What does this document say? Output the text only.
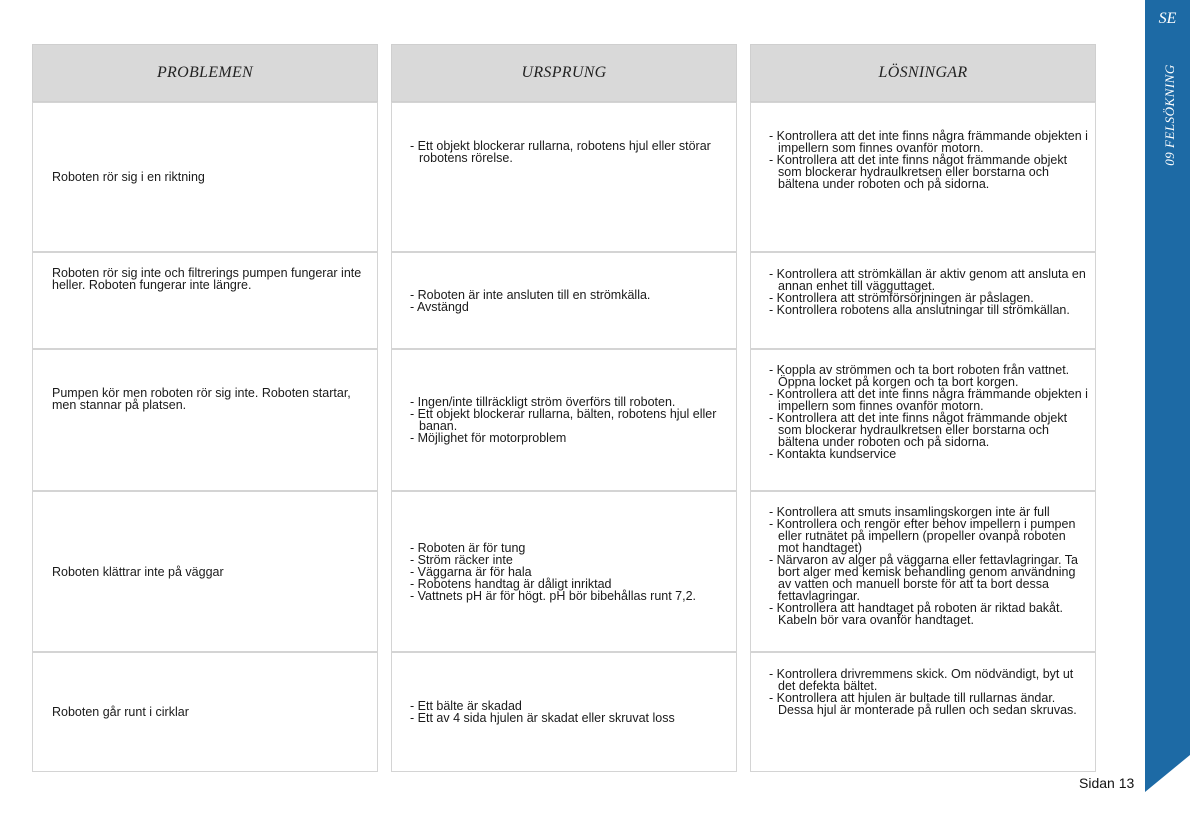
SE
09 FELSÖKNING
PROBLEMEN
Roboten rör sig i en riktning
Roboten rör sig inte och filtrerings pumpen fungerar inte heller. Roboten fungerar inte längre.
Pumpen kör men roboten rör sig inte. Roboten startar, men stannar på platsen.
Roboten klättrar inte på väggar
Roboten går runt i cirklar
URSPRUNG
- Ett objekt blockerar rullarna, robotens hjul eller störar robotens rörelse.
- Roboten är inte ansluten till en strömkälla.
- Avstängd
- Ingen/inte tillräckligt ström överförs till roboten.
- Ett objekt blockerar rullarna, bälten, robotens hjul eller banan.
- Möjlighet för motorproblem
- Roboten är för tung
- Ström räcker inte
- Väggarna är för hala
- Robotens handtag är dåligt inriktad
- Vattnets pH är för högt. pH bör bibehållas runt 7,2.
- Ett bälte är skadad
- Ett av 4 sida hjulen är skadat eller skruvat loss
LÖSNINGAR
- Kontrollera att det inte finns några främmande objekten i impellern som finnes ovanför motorn.
- Kontrollera att det inte finns något främmande objekt som blockerar hydraulkretsen eller borstarna och bältena under roboten och på sidorna.
- Kontrollera att strömkällan är aktiv genom att ansluta en annan enhet till vägguttaget.
- Kontrollera att strömförsörjningen är påslagen.
- Kontrollera robotens alla anslutningar till strömkällan.
- Koppla av strömmen och ta bort roboten från vattnet. Öppna locket på korgen och ta bort korgen.
- Kontrollera att det inte finns några främmande objekten i impellern som finnes ovanför motorn.
- Kontrollera att det inte finns något främmande objekt som blockerar hydraulkretsen eller borstarna och bältena under roboten och på sidorna.
- Kontakta kundservice
- Kontrollera att smuts insamlingskorgen inte är full
- Kontrollera och rengör efter behov impellern i pumpen eller rutnätet på impellern (propeller ovanpå roboten mot handtaget)
- Närvaron av alger på väggarna eller fettavlagringar. Ta bort alger med kemisk behandling genom användning av vatten och manuell borste för att ta bort dessa fettavlagringar.
- Kontrollera att handtaget på roboten är riktad bakåt. Kabeln bör vara ovanför handtaget.
- Kontrollera drivremmens skick. Om nödvändigt, byt ut det defekta bältet.
- Kontrollera att hjulen är bultade till rullarnas ändar. Dessa hjul är monterade på rullen och sedan skruvas.
Sidan 13
